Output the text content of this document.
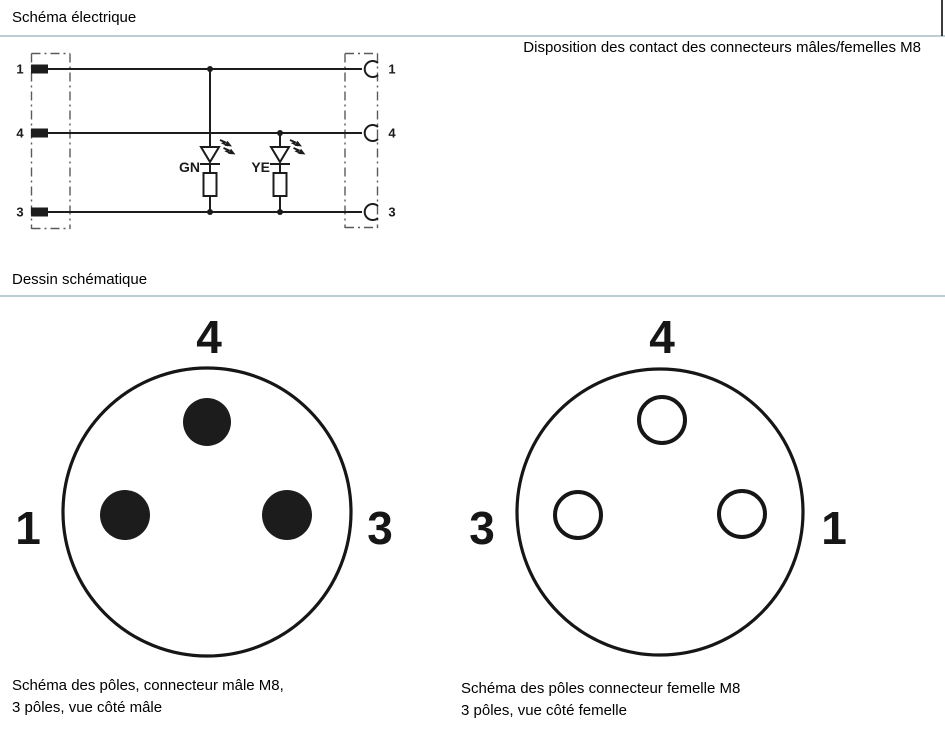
Schéma électrique
Disposition des contact des connecteurs mâles/femelles M8
1	1
4	4
3	3
GN	YE
Dessin schématique
4
1	3
4
3	1
Schéma des pôles, connecteur mâle M8,
3 pôles, vue côté mâle
Schéma des pôles connecteur femelle M8
3 pôles, vue côté femelle
